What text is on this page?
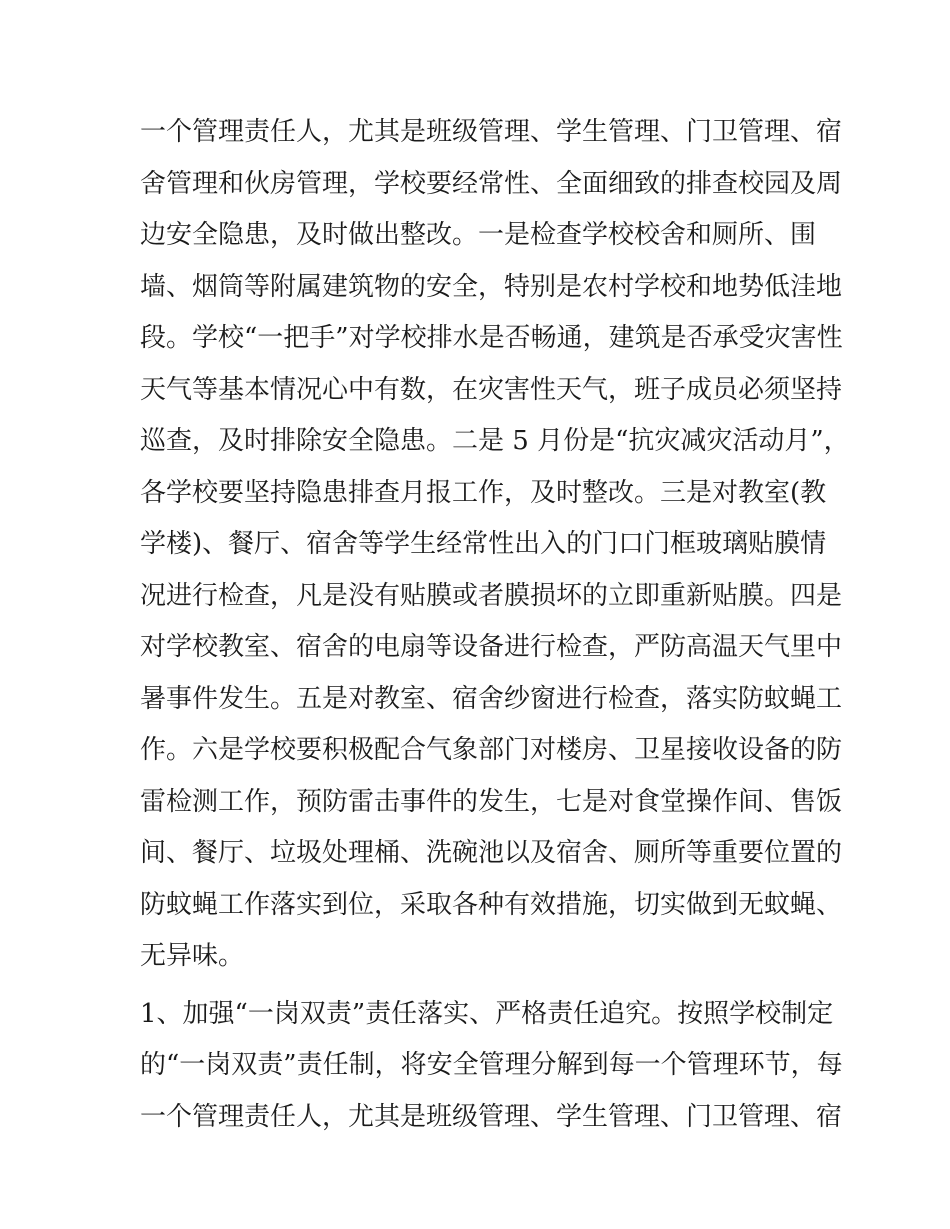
一个管理责任人，尤其是班级管理、学生管理、门卫管理、宿
舍管理和伙房管理，学校要经常性、全面细致的排查校园及周
边安全隐患，及时做出整改。一是检查学校校舍和厕所、围
墙、烟筒等附属建筑物的安全，特别是农村学校和地势低洼地
段。学校“一把手”对学校排水是否畅通，建筑是否承受灾害性
天气等基本情况心中有数，在灾害性天气，班子成员必须坚持
巡查，及时排除安全隐患。二是 5 月份是“抗灾减灾活动月”，
各学校要坚持隐患排查月报工作，及时整改。三是对教室(教
学楼)、餐厅、宿舍等学生经常性出入的门口门框玻璃贴膜情
况进行检查，凡是没有贴膜或者膜损坏的立即重新贴膜。四是
对学校教室、宿舍的电扇等设备进行检查，严防高温天气里中
暑事件发生。五是对教室、宿舍纱窗进行检查，落实防蚊蝇工
作。六是学校要积极配合气象部门对楼房、卫星接收设备的防
雷检测工作，预防雷击事件的发生，七是对食堂操作间、售饭
间、餐厅、垃圾处理桶、洗碗池以及宿舍、厕所等重要位置的
防蚊蝇工作落实到位，采取各种有效措施，切实做到无蚊蝇、
无异味。
1、加强“一岗双责”责任落实、严格责任追究。按照学校制定
的“一岗双责”责任制，将安全管理分解到每一个管理环节，每
一个管理责任人，尤其是班级管理、学生管理、门卫管理、宿
